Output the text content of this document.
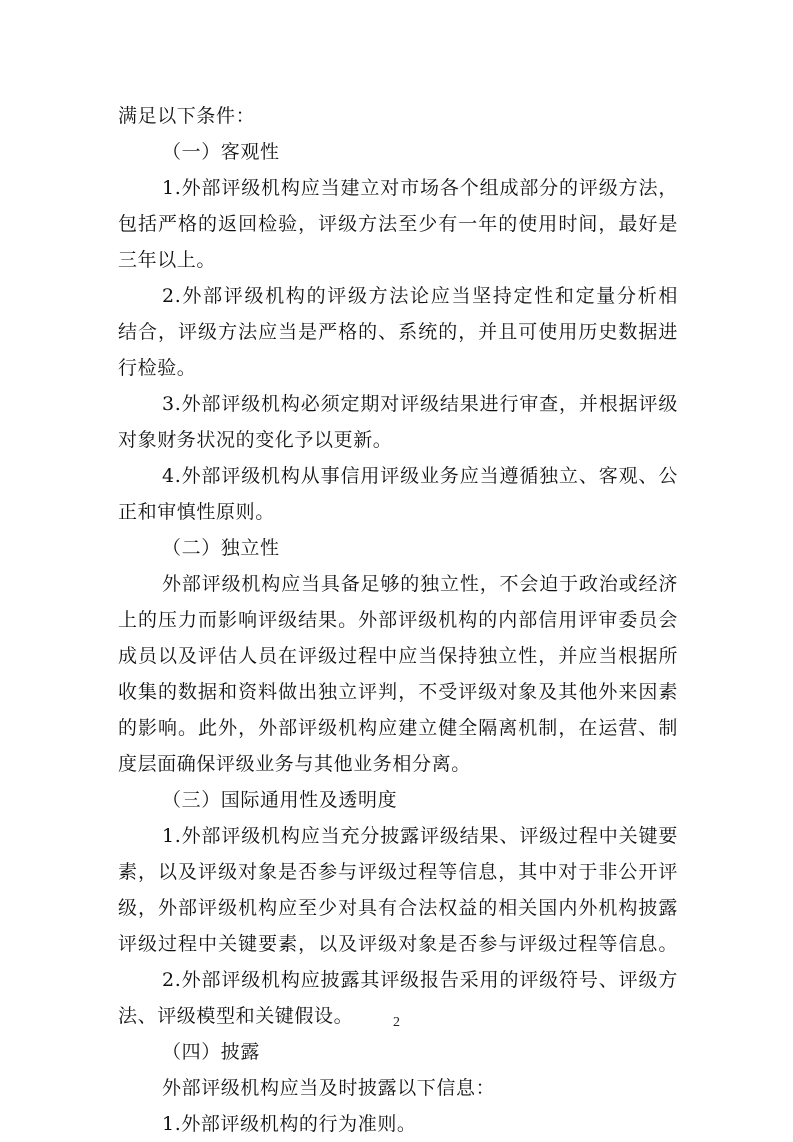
满足以下条件：
（一）客观性
1.外部评级机构应当建立对市场各个组成部分的评级方法，
包括严格的返回检验，评级方法至少有一年的使用时间，最好是
三年以上。
2.外部评级机构的评级方法论应当坚持定性和定量分析相
结合，评级方法应当是严格的、系统的，并且可使用历史数据进
行检验。
3.外部评级机构必须定期对评级结果进行审查，并根据评级
对象财务状况的变化予以更新。
4.外部评级机构从事信用评级业务应当遵循独立、客观、公
正和审慎性原则。
（二）独立性
外部评级机构应当具备足够的独立性，不会迫于政治或经济
上的压力而影响评级结果。外部评级机构的内部信用评审委员会
成员以及评估人员在评级过程中应当保持独立性，并应当根据所
收集的数据和资料做出独立评判，不受评级对象及其他外来因素
的影响。此外，外部评级机构应建立健全隔离机制，在运营、制
度层面确保评级业务与其他业务相分离。
（三）国际通用性及透明度
1.外部评级机构应当充分披露评级结果、评级过程中关键要
素，以及评级对象是否参与评级过程等信息，其中对于非公开评
级，外部评级机构应至少对具有合法权益的相关国内外机构披露
评级过程中关键要素，以及评级对象是否参与评级过程等信息。
2.外部评级机构应披露其评级报告采用的评级符号、评级方
法、评级模型和关键假设。
（四）披露
外部评级机构应当及时披露以下信息：
1.外部评级机构的行为准则。
2
